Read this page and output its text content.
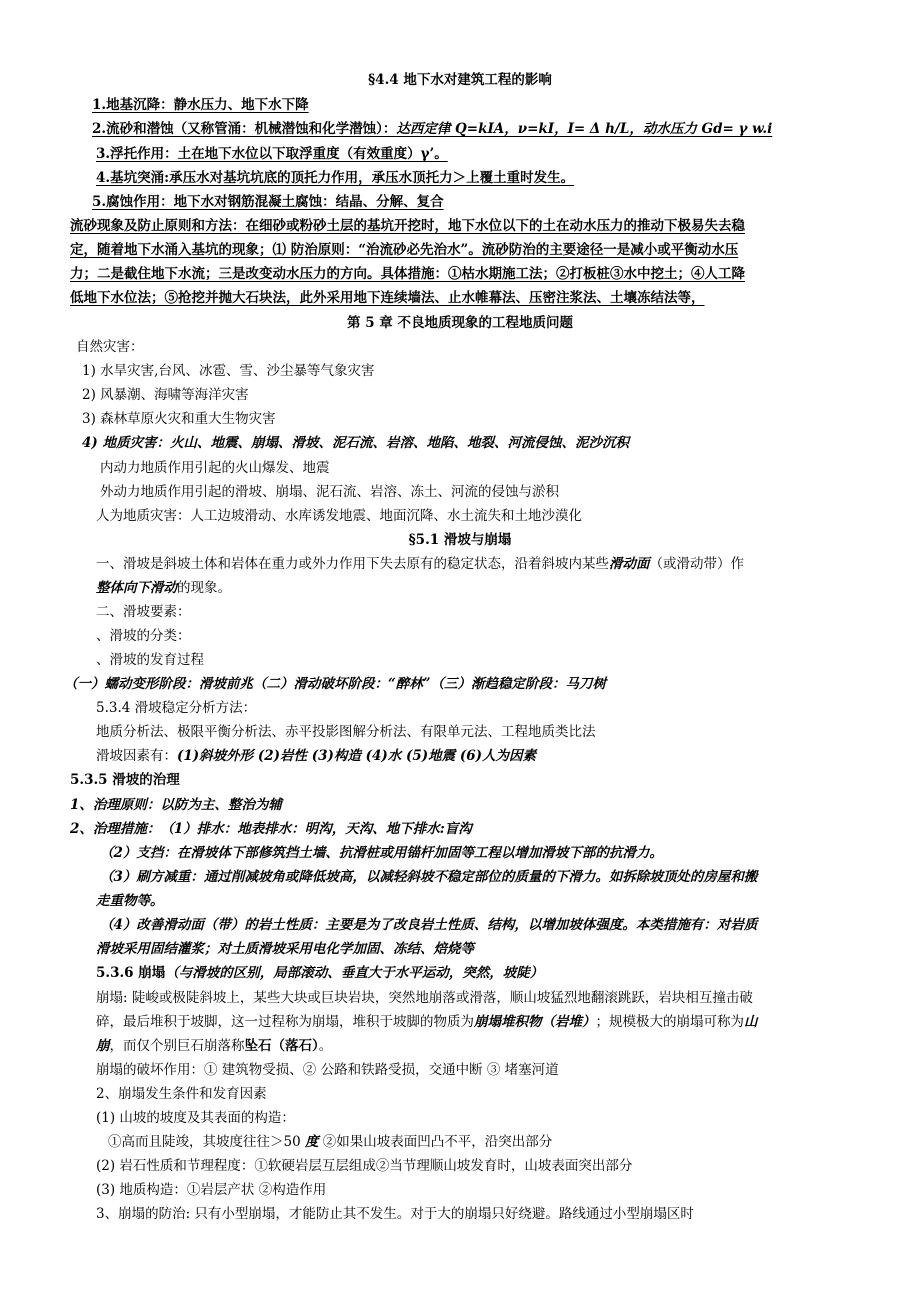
§4.4 地下水对建筑工程的影响
1.地基沉降：静水压力、地下水下降
2.流砂和潜蚀（又称管涌：机械潜蚀和化学潜蚀）：达西定律 Q=kIA，ν=kI，I= Δ h/L，动水压力 Gd= γ w.i
3.浮托作用：土在地下水位以下取浮重度（有效重度）γ’。
4.基坑突涌:承压水对基坑坑底的顶托力作用，承压水顶托力＞上覆土重时发生。
5.腐蚀作用：地下水对钢筋混凝土腐蚀：结晶、分解、复合
流砂现象及防止原则和方法：在细砂或粉砂土层的基坑开挖时，地下水位以下的土在动水压力的推动下极易失去稳
定，随着地下水涌入基坑的现象；⑴ 防治原则：“治流砂必先治水”。流砂防治的主要途径一是减小或平衡动水压
力；二是截住地下水流；三是改变动水压力的方向。具体措施：①枯水期施工法；②打板桩③水中挖土；④人工降
低地下水位法；⑤抢挖并抛大石块法，此外采用地下连续墙法、止水帷幕法、压密注浆法、土壤冻结法等，
第 5 章 不良地质现象的工程地质问题
自然灾害：
1) 水旱灾害,台风、冰雹、雪、沙尘暴等气象灾害
2) 风暴潮、海啸等海洋灾害
3) 森林草原火灾和重大生物灾害
4) 地质灾害：火山、地震、崩塌、滑坡、泥石流、岩溶、地陷、地裂、河流侵蚀、泥沙沉积
内动力地质作用引起的火山爆发、地震
外动力地质作用引起的滑坡、崩塌、泥石流、岩溶、冻土、河流的侵蚀与淤积
人为地质灾害：人工边坡滑动、水库诱发地震、地面沉降、水土流失和土地沙漠化
§5.1 滑坡与崩塌
一、滑坡是斜坡土体和岩体在重力或外力作用下失去原有的稳定状态，沿着斜坡内某些滑动面（或滑动带）作
整体向下滑动的现象。
二、滑坡要素：
、滑坡的分类：
、滑坡的发育过程
（一）蠕动变形阶段：滑坡前兆（二）滑动破坏阶段：“醉林”（三）渐趋稳定阶段：马刀树
5.3.4 滑坡稳定分析方法：
地质分析法、极限平衡分析法、赤平投影图解分析法、有限单元法、工程地质类比法
滑坡因素有：(1)斜坡外形 (2)岩性 (3)构造 (4)水 (5)地震 (6)人为因素
5.3.5 滑坡的治理
1、治理原则：以防为主、整治为辅
2、治理措施：（1）排水：地表排水：明沟，天沟、地下排水:盲沟
（2）支挡：在滑坡体下部修筑挡土墙、抗滑桩或用锚杆加固等工程以增加滑坡下部的抗滑力。
（3）刷方减重：通过削减坡角或降低坡高，以减轻斜坡不稳定部位的质量的下滑力。如拆除坡顶处的房屋和搬
走重物等。
（4）改善滑动面（带）的岩土性质：主要是为了改良岩土性质、结构，以增加坡体强度。本类措施有：对岩质
滑坡采用固结灌浆；对土质滑坡采用电化学加固、冻结、焙烧等
5.3.6 崩塌（与滑坡的区别，局部滚动、垂直大于水平运动，突然，坡陡）
崩塌: 陡峻或极陡斜坡上，某些大块或巨块岩块，突然地崩落或滑落，顺山坡猛烈地翻滚跳跃，岩块相互撞击破
碎，最后堆积于坡脚，这一过程称为崩塌，堆积于坡脚的物质为崩塌堆积物（岩堆）；规模极大的崩塌可称为山
崩，而仅个别巨石崩落称坠石（落石）。
崩塌的破坏作用：① 建筑物受损、② 公路和铁路受损，交通中断 ③ 堵塞河道
2、崩塌发生条件和发育因素
(1) 山坡的坡度及其表面的构造：
①高而且陡竣，其坡度往往＞50 度 ②如果山坡表面凹凸不平，沿突出部分
(2) 岩石性质和节理程度：①软硬岩层互层组成②当节理顺山坡发育时，山坡表面突出部分
(3) 地质构造：①岩层产状 ②构造作用
3、崩塌的防治: 只有小型崩塌，才能防止其不发生。对于大的崩塌只好绕避。路线通过小型崩塌区时
